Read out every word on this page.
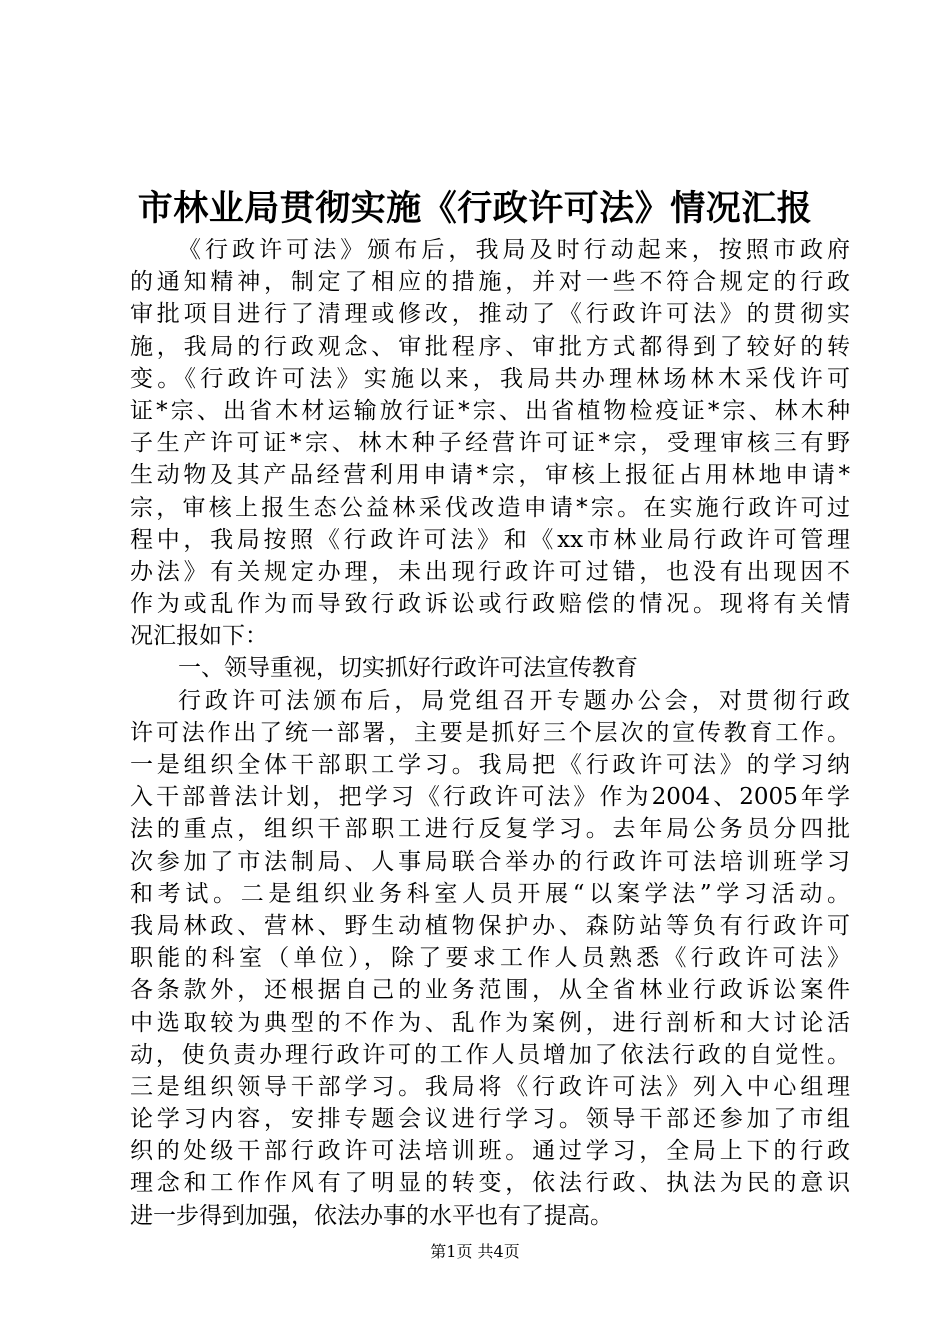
市林业局贯彻实施《行政许可法》情况汇报
《行政许可法》颁布后，我局及时行动起来，按照市政府
的通知精神，制定了相应的措施，并对一些不符合规定的行政
审批项目进行了清理或修改，推动了《行政许可法》的贯彻实
施，我局的行政观念、审批程序、审批方式都得到了较好的转
变。《行政许可法》实施以来，我局共办理林场林木采伐许可
证*宗、出省木材运输放行证*宗、出省植物检疫证*宗、林木种
子生产许可证*宗、林木种子经营许可证*宗，受理审核三有野
生动物及其产品经营利用申请*宗，审核上报征占用林地申请*
宗，审核上报生态公益林采伐改造申请*宗。在实施行政许可过
程中，我局按照《行政许可法》和《xx市林业局行政许可管理
办法》有关规定办理，未出现行政许可过错，也没有出现因不
作为或乱作为而导致行政诉讼或行政赔偿的情况。现将有关情
况汇报如下：
一、领导重视，切实抓好行政许可法宣传教育
行政许可法颁布后，局党组召开专题办公会，对贯彻行政
许可法作出了统一部署，主要是抓好三个层次的宣传教育工作。
一是组织全体干部职工学习。我局把《行政许可法》的学习纳
入干部普法计划，把学习《行政许可法》作为2004、2005年学
法的重点，组织干部职工进行反复学习。去年局公务员分四批
次参加了市法制局、人事局联合举办的行政许可法培训班学习
和考试。二是组织业务科室人员开展“以案学法”学习活动。
我局林政、营林、野生动植物保护办、森防站等负有行政许可
职能的科室（单位），除了要求工作人员熟悉《行政许可法》
各条款外，还根据自己的业务范围，从全省林业行政诉讼案件
中选取较为典型的不作为、乱作为案例，进行剖析和大讨论活
动，使负责办理行政许可的工作人员增加了依法行政的自觉性。
三是组织领导干部学习。我局将《行政许可法》列入中心组理
论学习内容，安排专题会议进行学习。领导干部还参加了市组
织的处级干部行政许可法培训班。通过学习，全局上下的行政
理念和工作作风有了明显的转变，依法行政、执法为民的意识
进一步得到加强，依法办事的水平也有了提高。
第1页 共4页
